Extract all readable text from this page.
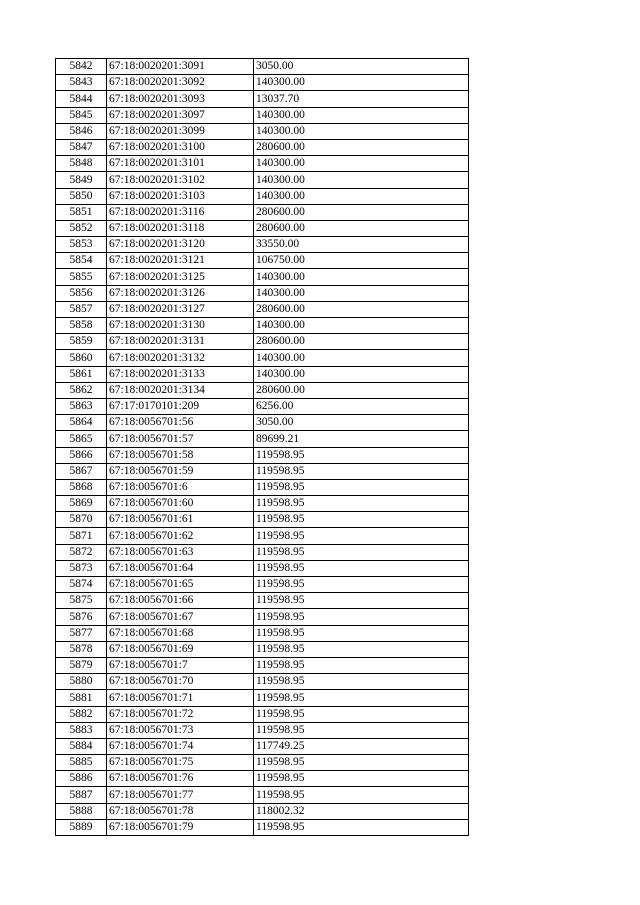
5842	67:18:0020201:3091	3050.00
5843	67:18:0020201:3092	140300.00
5844	67:18:0020201:3093	13037.70
5845	67:18:0020201:3097	140300.00
5846	67:18:0020201:3099	140300.00
5847	67:18:0020201:3100	280600.00
5848	67:18:0020201:3101	140300.00
5849	67:18:0020201:3102	140300.00
5850	67:18:0020201:3103	140300.00
5851	67:18:0020201:3116	280600.00
5852	67:18:0020201:3118	280600.00
5853	67:18:0020201:3120	33550.00
5854	67:18:0020201:3121	106750.00
5855	67:18:0020201:3125	140300.00
5856	67:18:0020201:3126	140300.00
5857	67:18:0020201:3127	280600.00
5858	67:18:0020201:3130	140300.00
5859	67:18:0020201:3131	280600.00
5860	67:18:0020201:3132	140300.00
5861	67:18:0020201:3133	140300.00
5862	67:18:0020201:3134	280600.00
5863	67:17:0170101:209	6256.00
5864	67:18:0056701:56	3050.00
5865	67:18:0056701:57	89699.21
5866	67:18:0056701:58	119598.95
5867	67:18:0056701:59	119598.95
5868	67:18:0056701:6	119598.95
5869	67:18:0056701:60	119598.95
5870	67:18:0056701:61	119598.95
5871	67:18:0056701:62	119598.95
5872	67:18:0056701:63	119598.95
5873	67:18:0056701:64	119598.95
5874	67:18:0056701:65	119598.95
5875	67:18:0056701:66	119598.95
5876	67:18:0056701:67	119598.95
5877	67:18:0056701:68	119598.95
5878	67:18:0056701:69	119598.95
5879	67:18:0056701:7	119598.95
5880	67:18:0056701:70	119598.95
5881	67:18:0056701:71	119598.95
5882	67:18:0056701:72	119598.95
5883	67:18:0056701:73	119598.95
5884	67:18:0056701:74	117749.25
5885	67:18:0056701:75	119598.95
5886	67:18:0056701:76	119598.95
5887	67:18:0056701:77	119598.95
5888	67:18:0056701:78	118002.32
5889	67:18:0056701:79	119598.95
